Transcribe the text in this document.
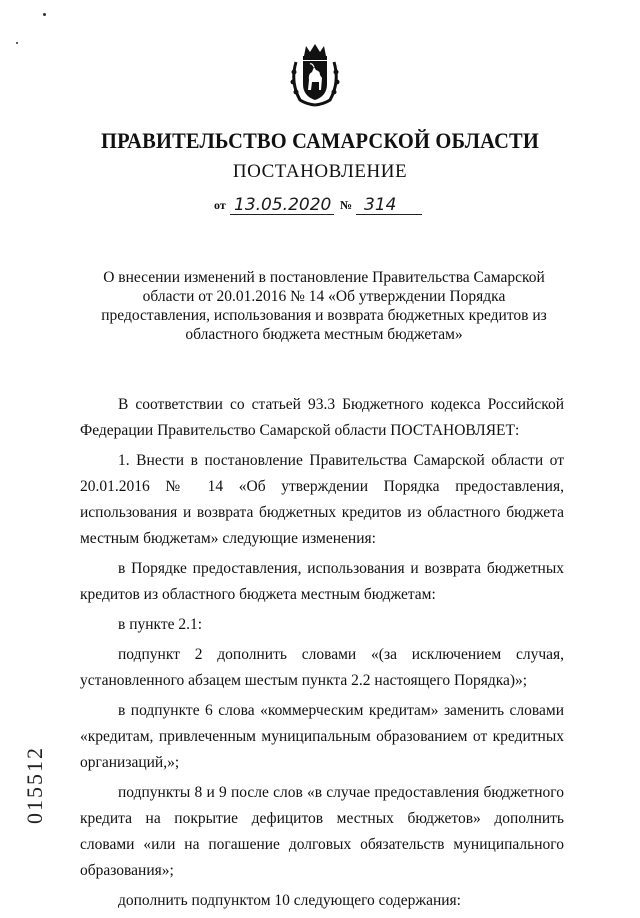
ПРАВИТЕЛЬСТВО САМАРСКОЙ ОБЛАСТИ
ПОСТАНОВЛЕНИЕ
от 13.05.2020 № 314
О внесении изменений в постановление Правительства Самарской области от 20.01.2016 № 14 «Об утверждении Порядка предоставления, использования и возврата бюджетных кредитов из областного бюджета местным бюджетам»

В соответствии со статьей 93.3 Бюджетного кодекса Российской Федерации Правительство Самарской области ПОСТАНОВЛЯЕТ:

1. Внести в постановление Правительства Самарской области от 20.01.2016 № 14 «Об утверждении Порядка предоставления, использования и возврата бюджетных кредитов из областного бюджета местным бюджетам» следующие изменения:

в Порядке предоставления, использования и возврата бюджетных кредитов из областного бюджета местным бюджетам:

в пункте 2.1:

подпункт 2 дополнить словами «(за исключением случая, установленного абзацем шестым пункта 2.2 настоящего Порядка)»;

в подпункте 6 слова «коммерческим кредитам» заменить словами «кредитам, привлеченным муниципальным образованием от кредитных организаций,»;

подпункты 8 и 9 после слов «в случае предоставления бюджетного кредита на покрытие дефицитов местных бюджетов» дополнить словами «или на погашение долговых обязательств муниципального образования»;

дополнить подпунктом 10 следующего содержания:

015512
